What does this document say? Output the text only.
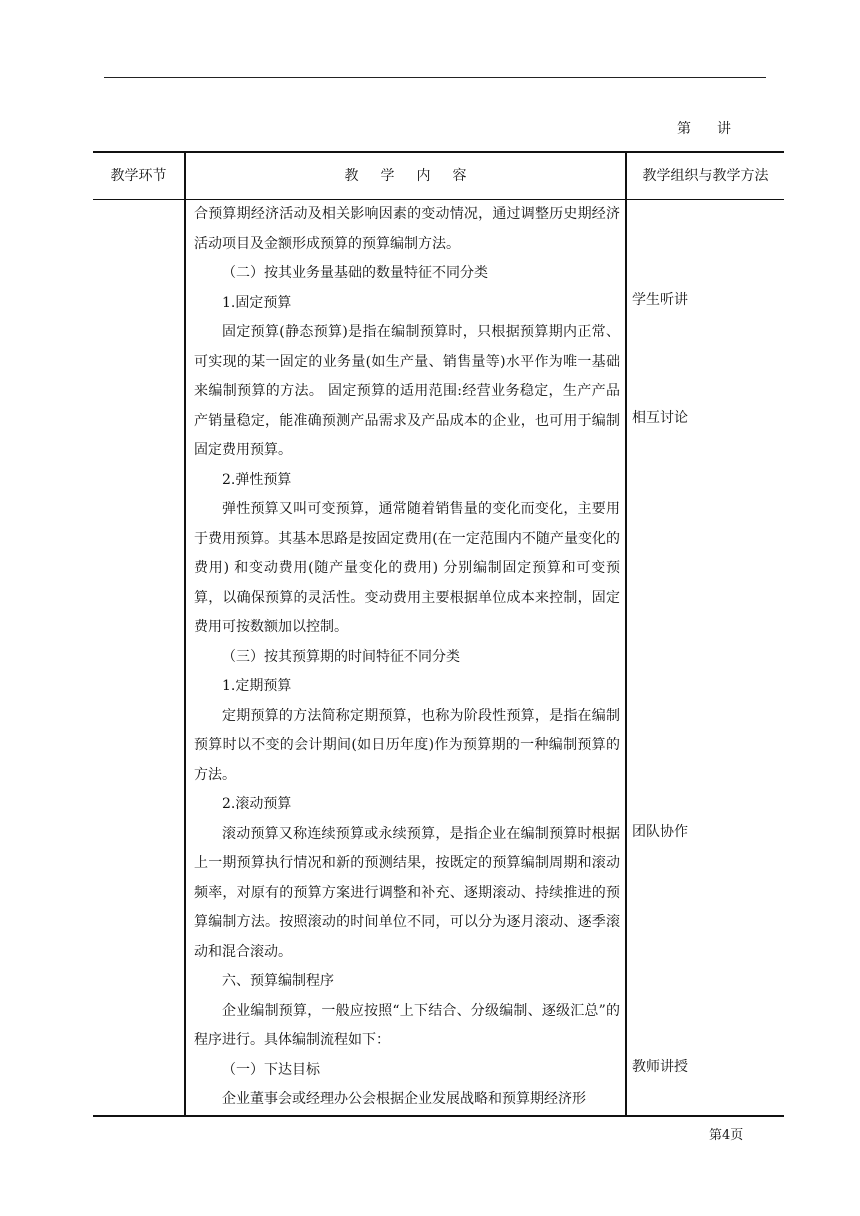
第 讲
教学环节	教学内容	教学组织与教学方法

合预算期经济活动及相关影响因素的变动情况，通过调整历史期经济活动项目及金额形成预算的预算编制方法。

（二）按其业务量基础的数量特征不同分类

1.固定预算

固定预算(静态预算)是指在编制预算时，只根据预算期内正常、可实现的某一固定的业务量(如生产量、销售量等)水平作为唯一基础来编制预算的方法。 固定预算的适用范围:经营业务稳定，生产产品产销量稳定，能准确预测产品需求及产品成本的企业，也可用于编制固定费用预算。

2.弹性预算

弹性预算又叫可变预算，通常随着销售量的变化而变化，主要用于费用预算。其基本思路是按固定费用(在一定范围内不随产量变化的费用) 和变动费用(随产量变化的费用) 分别编制固定预算和可变预算，以确保预算的灵活性。变动费用主要根据单位成本来控制，固定费用可按数额加以控制。

（三）按其预算期的时间特征不同分类

1.定期预算

定期预算的方法简称定期预算，也称为阶段性预算，是指在编制预算时以不变的会计期间(如日历年度)作为预算期的一种编制预算的方法。

2.滚动预算

滚动预算又称连续预算或永续预算，是指企业在编制预算时根据上一期预算执行情况和新的预测结果，按既定的预算编制周期和滚动频率，对原有的预算方案进行调整和补充、逐期滚动、持续推进的预算编制方法。按照滚动的时间单位不同，可以分为逐月滚动、逐季滚动和混合滚动。

六、预算编制程序

企业编制预算，一般应按照“上下结合、分级编制、逐级汇总”的程序进行。具体编制流程如下：

（一）下达目标

企业董事会或经理办公会根据企业发展战略和预算期经济形

学生听讲
相互讨论
团队协作
教师讲授
第4页
